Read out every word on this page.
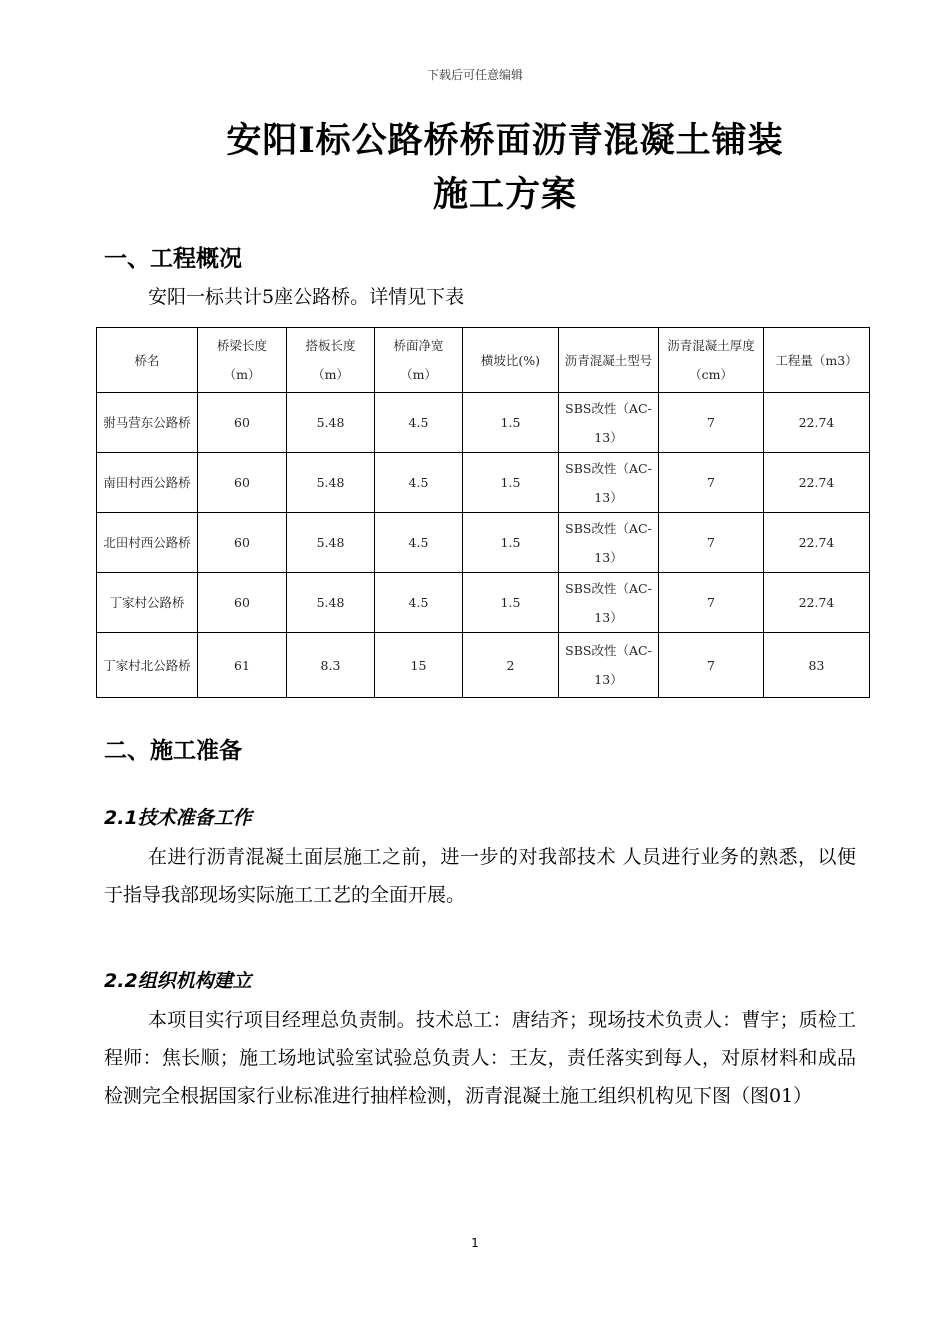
下载后可任意编辑
安阳Ⅰ标公路桥桥面沥青混凝土铺装
施工方案
一、工程概况
安阳一标共计5座公路桥。详情见下表
桥名	桥梁长度（m）	搭板长度（m）	桥面净宽（m）	横坡比(%)	沥青混凝土型号	沥青混凝土厚度（cm）	工程量（m3）
驸马营东公路桥	60	5.48	4.5	1.5	SBS改性（AC-13）	7	22.74
南田村西公路桥	60	5.48	4.5	1.5	SBS改性（AC-13）	7	22.74
北田村西公路桥	60	5.48	4.5	1.5	SBS改性（AC-13）	7	22.74
丁家村公路桥	60	5.48	4.5	1.5	SBS改性（AC-13）	7	22.74
丁家村北公路桥	61	8.3	15	2	SBS改性（AC-13）	7	83
二、施工准备
2.1技术准备工作
在进行沥青混凝土面层施工之前，进一步的对我部技术 人员进行业务的熟悉，以便于指导我部现场实际施工工艺的全面开展。
2.2组织机构建立
本项目实行项目经理总负责制。技术总工：唐结齐；现场技术负责人：曹宇；质检工程师：焦长顺；施工场地试验室试验总负责人：王友，责任落实到每人，对原材料和成品检测完全根据国家行业标准进行抽样检测，沥青混凝土施工组织机构见下图（图01）
1
